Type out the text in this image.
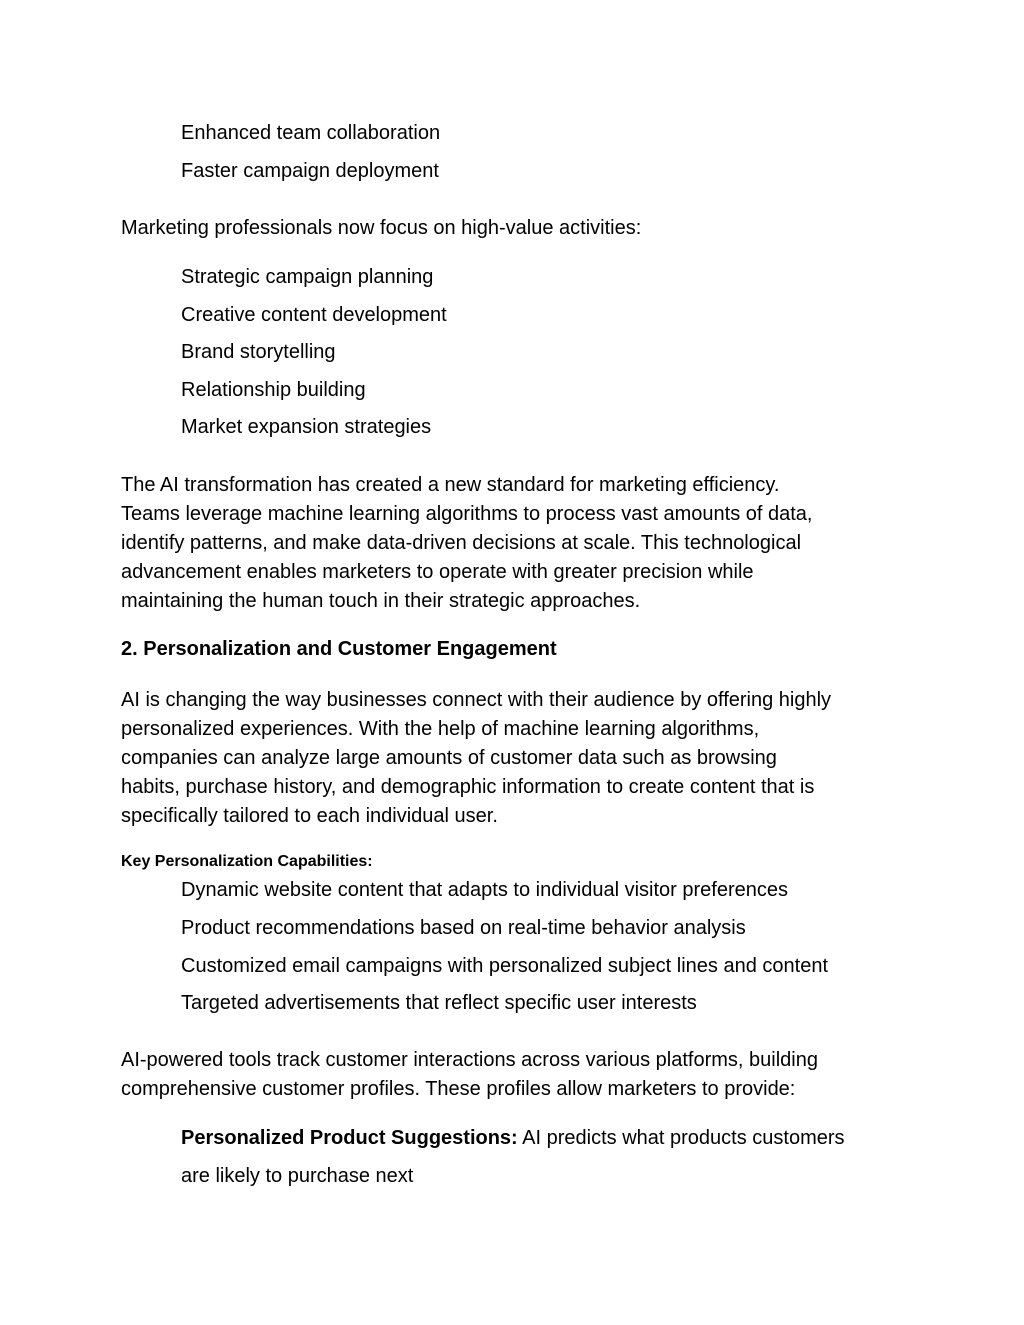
Enhanced team collaboration
Faster campaign deployment
Marketing professionals now focus on high-value activities:
Strategic campaign planning
Creative content development
Brand storytelling
Relationship building
Market expansion strategies
The AI transformation has created a new standard for marketing efficiency.
Teams leverage machine learning algorithms to process vast amounts of data,
identify patterns, and make data-driven decisions at scale. This technological
advancement enables marketers to operate with greater precision while
maintaining the human touch in their strategic approaches.
2. Personalization and Customer Engagement
AI is changing the way businesses connect with their audience by offering highly
personalized experiences. With the help of machine learning algorithms,
companies can analyze large amounts of customer data such as browsing
habits, purchase history, and demographic information to create content that is
specifically tailored to each individual user.
Key Personalization Capabilities:
Dynamic website content that adapts to individual visitor preferences
Product recommendations based on real-time behavior analysis
Customized email campaigns with personalized subject lines and content
Targeted advertisements that reflect specific user interests
AI-powered tools track customer interactions across various platforms, building
comprehensive customer profiles. These profiles allow marketers to provide:
Personalized Product Suggestions: AI predicts what products customers
are likely to purchase next
